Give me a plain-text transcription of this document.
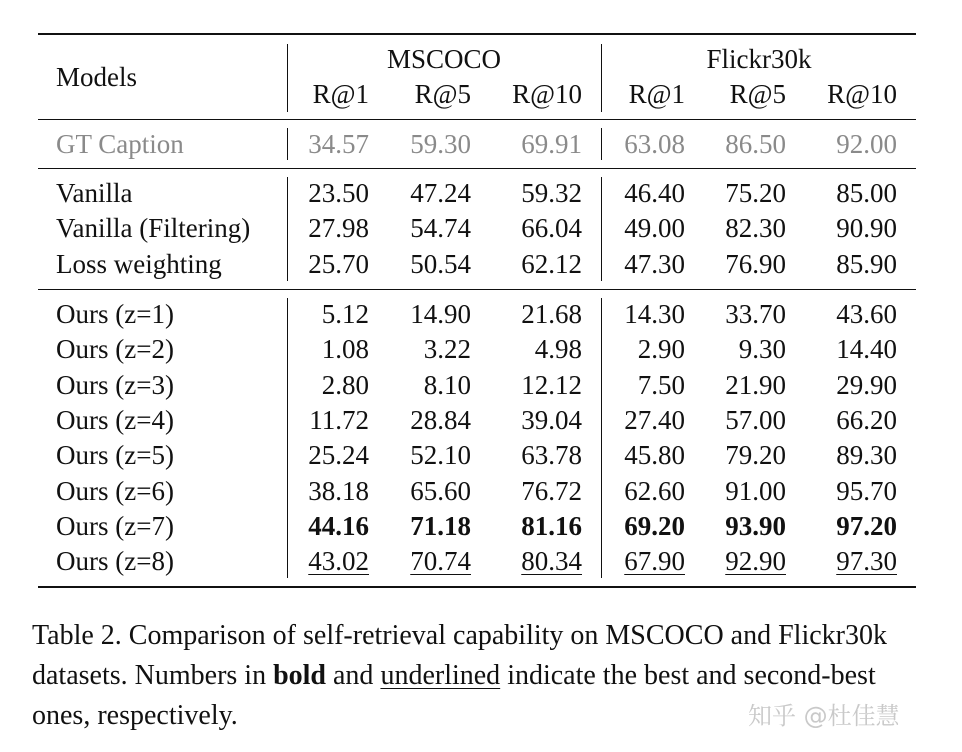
Models
MSCOCO	Flickr30k
R@1	R@5	R@10	R@1	R@5	R@10
GT Caption	34.57	59.30	69.91	63.08	86.50	92.00
Vanilla	23.50	47.24	59.32	46.40	75.20	85.00
Vanilla (Filtering)	27.98	54.74	66.04	49.00	82.30	90.90
Loss weighting	25.70	50.54	62.12	47.30	76.90	85.90
Ours (z=1)	5.12	14.90	21.68	14.30	33.70	43.60
Ours (z=2)	1.08	3.22	4.98	2.90	9.30	14.40
Ours (z=3)	2.80	8.10	12.12	7.50	21.90	29.90
Ours (z=4)	11.72	28.84	39.04	27.40	57.00	66.20
Ours (z=5)	25.24	52.10	63.78	45.80	79.20	89.30
Ours (z=6)	38.18	65.60	76.72	62.60	91.00	95.70
Ours (z=7)	44.16	71.18	81.16	69.20	93.90	97.20
Ours (z=8)	43.02	70.74	80.34	67.90	92.90	97.30
Table 2. Comparison of self-retrieval capability on MSCOCO and Flickr30k datasets. Numbers in bold and underlined indicate the best and second-best ones, respectively.	知乎 @杜佳慧
